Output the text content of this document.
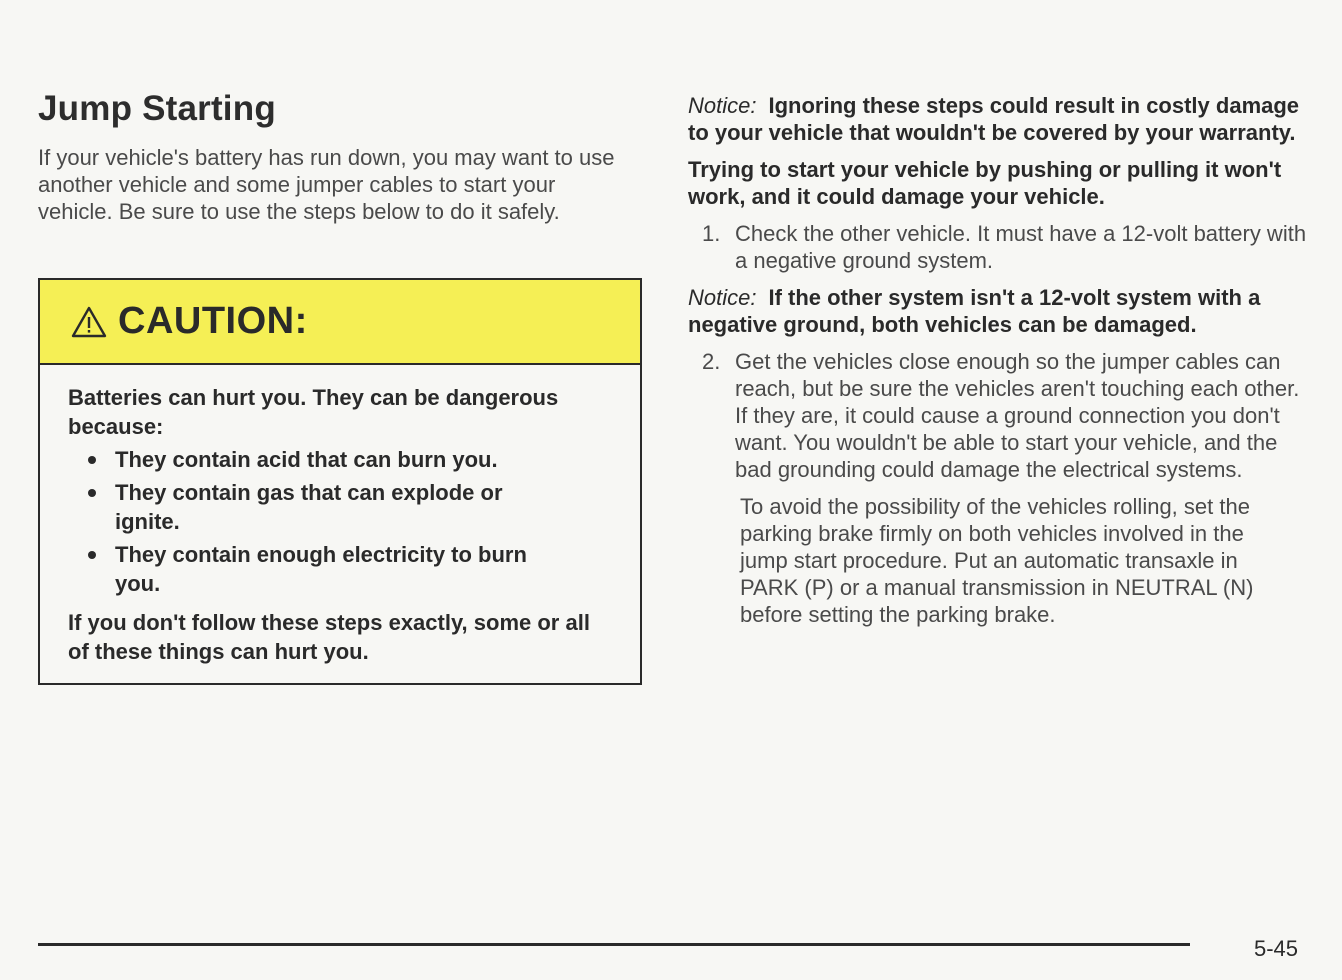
Jump Starting

If your vehicle's battery has run down, you may want to use another vehicle and some jumper cables to start your vehicle. Be sure to use the steps below to do it safely.

CAUTION:

Batteries can hurt you. They can be dangerous because:

They contain acid that can burn you.
They contain gas that can explode or ignite.
They contain enough electricity to burn you.

If you don't follow these steps exactly, some or all of these things can hurt you.

Notice: Ignoring these steps could result in costly damage to your vehicle that wouldn't be covered by your warranty.

Trying to start your vehicle by pushing or pulling it won't work, and it could damage your vehicle.

1. Check the other vehicle. It must have a 12-volt battery with a negative ground system.

Notice: If the other system isn't a 12-volt system with a negative ground, both vehicles can be damaged.

2. Get the vehicles close enough so the jumper cables can reach, but be sure the vehicles aren't touching each other. If they are, it could cause a ground connection you don't want. You wouldn't be able to start your vehicle, and the bad grounding could damage the electrical systems.

To avoid the possibility of the vehicles rolling, set the parking brake firmly on both vehicles involved in the jump start procedure. Put an automatic transaxle in PARK (P) or a manual transmission in NEUTRAL (N) before setting the parking brake.

5-45
